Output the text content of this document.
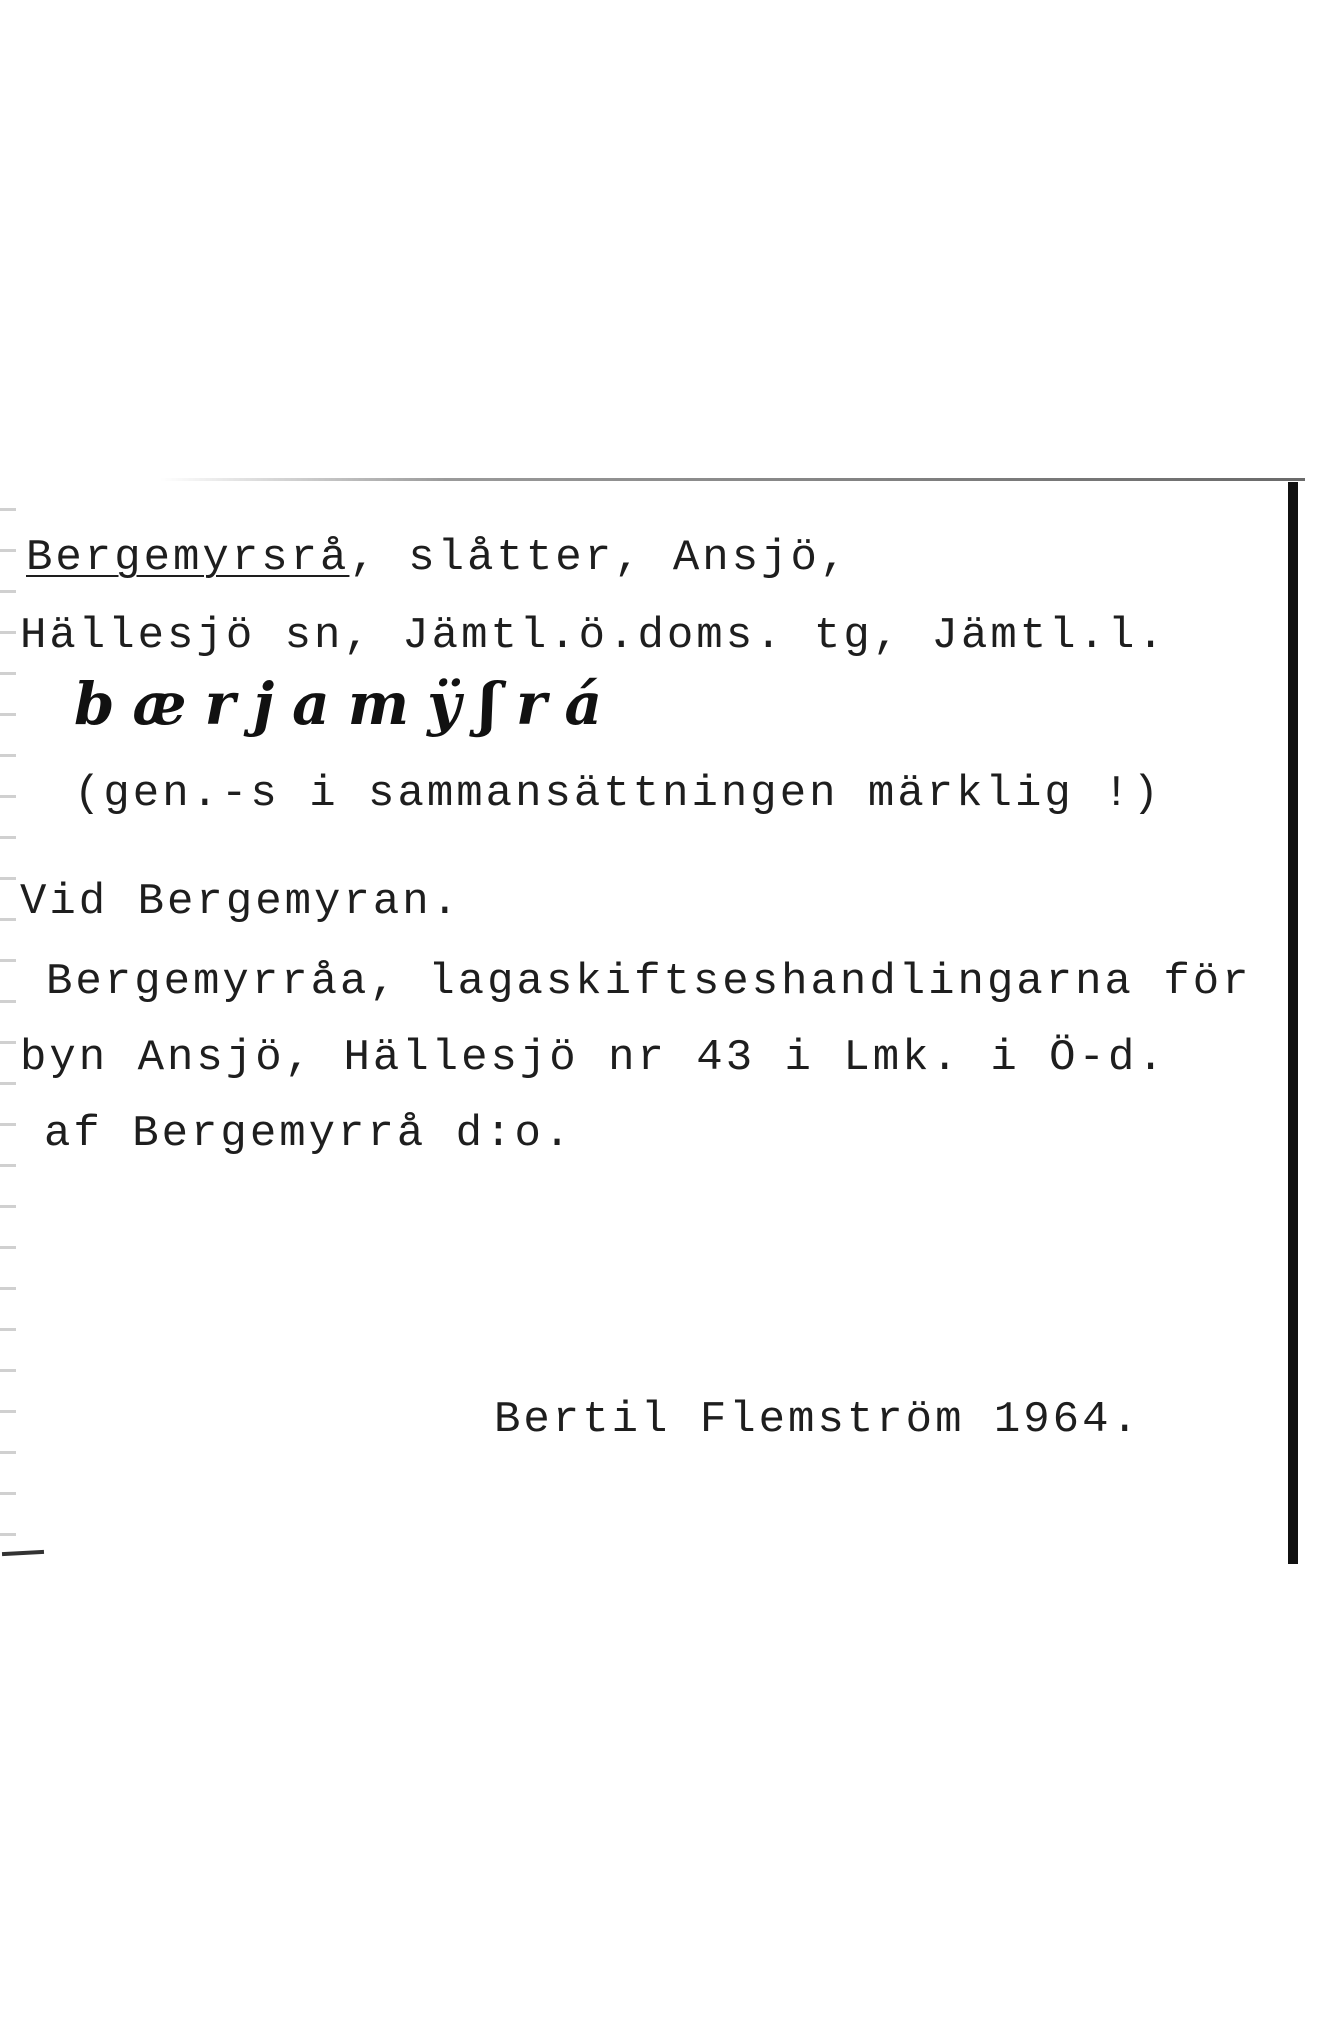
Bergemyrsrå, slåtter, Ansjö,
Hällesjö sn, Jämtl.ö.doms. tg, Jämtl.l.
bærjamÿʃrá
(gen.-s i sammansättningen märklig !)
Vid Bergemyran.
Bergemyrråa, lagaskiftseshandlingarna för
byn Ansjö, Hällesjö nr 43 i Lmk. i Ö-d.
af Bergemyrrå d:o.
Bertil Flemström 1964.
